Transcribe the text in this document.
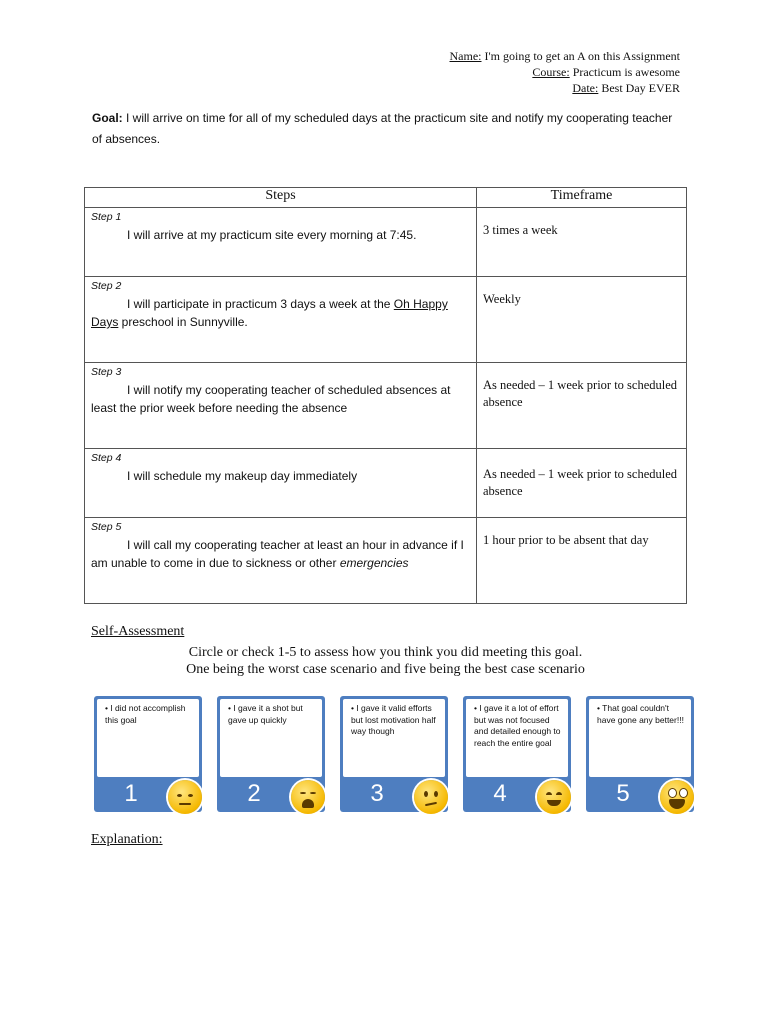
Name: I'm going to get an A on this Assignment
Course: Practicum is awesome
Date: Best Day EVER
Goal: I will arrive on time for all of my scheduled days at the practicum site and notify my cooperating teacher of absences.
Steps	Timeframe

Step 1
I will arrive at my practicum site every morning at 7:45.	3 times a week

Step 2
I will participate in practicum 3 days a week at the Oh Happy Days preschool in Sunnyville.	Weekly

Step 3
I will notify my cooperating teacher of scheduled absences at least the prior week before needing the absence	As needed – 1 week prior to scheduled absence

Step 4
I will schedule my makeup day immediately	As needed – 1 week prior to scheduled absence

Step 5
I will call my cooperating teacher at least an hour in advance if I am unable to come in due to sickness or other emergencies	1 hour prior to be absent that day
Self-Assessment
Circle or check 1-5 to assess how you think you did meeting this goal.
One being the worst case scenario and five being the best case scenario
• I did not accomplish this goal
1
• I gave it a shot but gave up quickly
2
• I gave it valid efforts but lost motivation half way though
3
• I gave it a lot of effort but was not focused and detailed enough to reach the entire goal
4
• That goal couldn't have gone any better!!!
5
Explanation:
